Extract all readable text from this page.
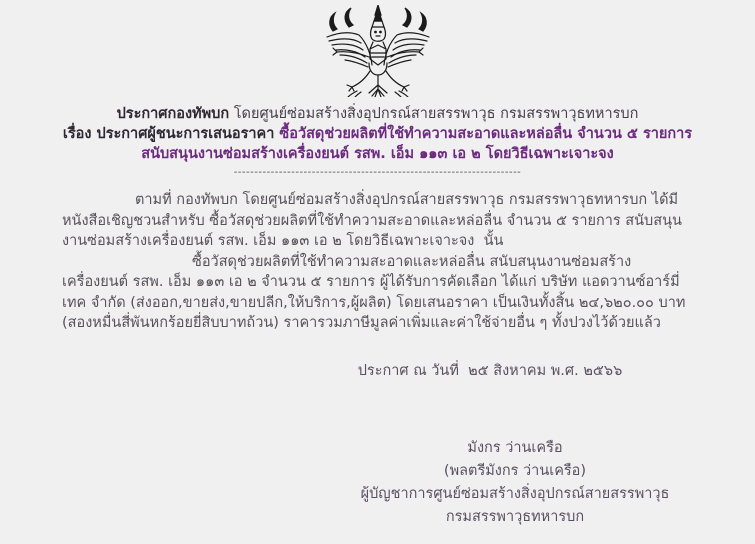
ประกาศกองทัพบก โดยศูนย์ซ่อมสร้างสิ่งอุปกรณ์สายสรรพาวุธ กรมสรรพาวุธทหารบก
เรื่อง ประกาศผู้ชนะการเสนอราคา ซื้อวัสดุช่วยผลิตที่ใช้ทำความสะอาดและหล่อลื่น จำนวน ๕ รายการ
สนับสนุนงานซ่อมสร้างเครื่องยนต์ รสพ. เอ็ม ๑๑๓ เอ ๒ โดยวิธีเฉพาะเจาะจง
----------------------------------------------------------------------

ตามที่ กองทัพบก โดยศูนย์ซ่อมสร้างสิ่งอุปกรณ์สายสรรพาวุธ กรมสรรพาวุธทหารบก ได้มีหนังสือเชิญชวนสำหรับ ซื้อวัสดุช่วยผลิตที่ใช้ทำความสะอาดและหล่อลื่น จำนวน ๕ รายการ สนับสนุนงานซ่อมสร้างเครื่องยนต์ รสพ. เอ็ม ๑๑๓ เอ ๒ โดยวิธีเฉพาะเจาะจง  นั้น

ซื้อวัสดุช่วยผลิตที่ใช้ทำความสะอาดและหล่อลื่น สนับสนุนงานซ่อมสร้างเครื่องยนต์ รสพ. เอ็ม ๑๑๓ เอ ๒ จำนวน ๕ รายการ ผู้ได้รับการคัดเลือก ได้แก่ บริษัท แอดวานซ์อาร์มี่เทค จำกัด (ส่งออก,ขายส่ง,ขายปลีก,ให้บริการ,ผู้ผลิต) โดยเสนอราคา เป็นเงินทั้งสิ้น ๒๔,๖๒๐.๐๐ บาท (สองหมื่นสี่พันหกร้อยยี่สิบบาทถ้วน) ราคารวมภาษีมูลค่าเพิ่มและค่าใช้จ่ายอื่น ๆ ทั้งปวงไว้ด้วยแล้ว

ประกาศ ณ วันที่  ๒๕ สิงหาคม พ.ศ. ๒๕๖๖
มังกร ว่านเครือ
(พลตรีมังกร ว่านเครือ)
ผู้บัญชาการศูนย์ซ่อมสร้างสิ่งอุปกรณ์สายสรรพาวุธ
กรมสรรพาวุธทหารบก
